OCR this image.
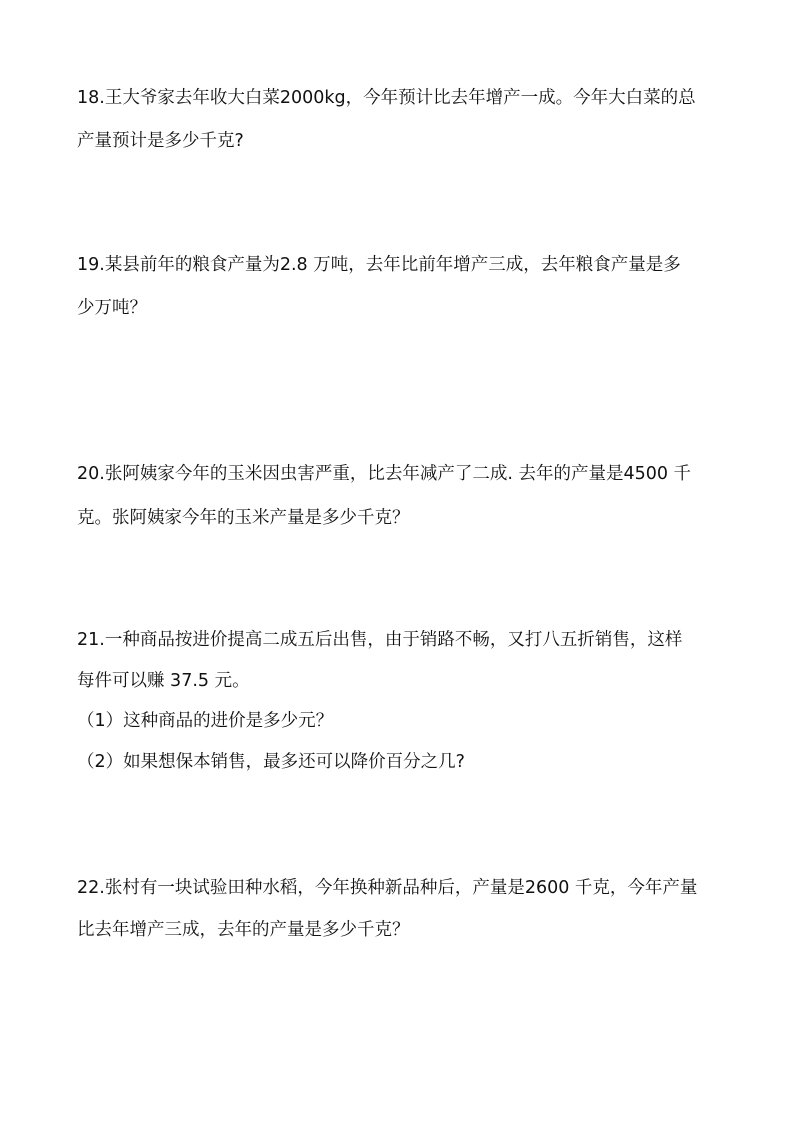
18.王大爷家去年收大白菜2000kg，今年预计比去年增产一成。今年大白菜的总
产量预计是多少千克?
19.某县前年的粮食产量为2.8 万吨，去年比前年增产三成，去年粮食产量是多
少万吨？
20.张阿姨家今年的玉米因虫害严重，比去年减产了二成. 去年的产量是4500 千
克。张阿姨家今年的玉米产量是多少千克？
21.一种商品按进价提高二成五后出售，由于销路不畅，又打八五折销售，这样
每件可以赚 37.5 元。
（1）这种商品的进价是多少元？
（2）如果想保本销售，最多还可以降价百分之几?
22.张村有一块试验田种水稻，今年换种新品种后，产量是2600 千克，今年产量
比去年增产三成，去年的产量是多少千克？
